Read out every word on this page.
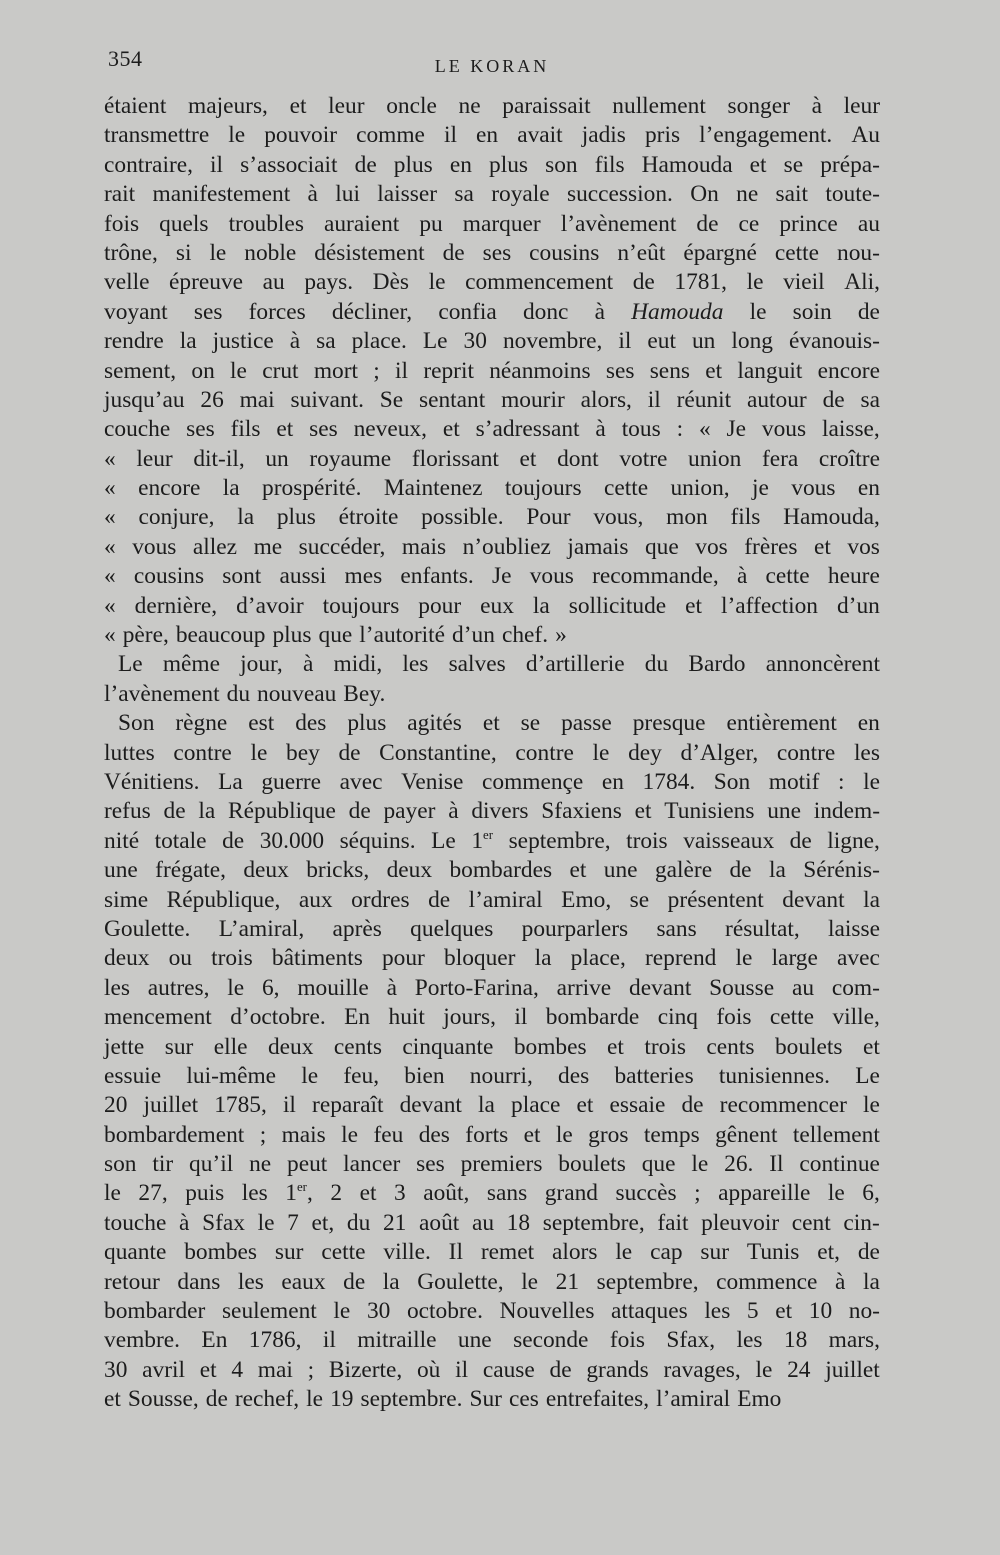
354	LE KORAN
étaient majeurs, et leur oncle ne paraissait nullement songer à leur
transmettre le pouvoir comme il en avait jadis pris l’engagement. Au
contraire, il s’associait de plus en plus son fils Hamouda et se prépa-
rait manifestement à lui laisser sa royale succession. On ne sait toute-
fois quels troubles auraient pu marquer l’avènement de ce prince au
trône, si le noble désistement de ses cousins n’eût épargné cette nou-
velle épreuve au pays. Dès le commencement de 1781, le vieil Ali,
voyant ses forces décliner, confia donc à Hamouda le soin de
rendre la justice à sa place. Le 30 novembre, il eut un long évanouis-
sement, on le crut mort ; il reprit néanmoins ses sens et languit encore
jusqu’au 26 mai suivant. Se sentant mourir alors, il réunit autour de sa
couche ses fils et ses neveux, et s’adressant à tous : « Je vous laisse,
« leur dit-il, un royaume florissant et dont votre union fera croître
« encore la prospérité. Maintenez toujours cette union, je vous en
« conjure, la plus étroite possible. Pour vous, mon fils Hamouda,
« vous allez me succéder, mais n’oubliez jamais que vos frères et vos
« cousins sont aussi mes enfants. Je vous recommande, à cette heure
« dernière, d’avoir toujours pour eux la sollicitude et l’affection d’un
« père, beaucoup plus que l’autorité d’un chef. »
Le même jour, à midi, les salves d’artillerie du Bardo annoncèrent
l’avènement du nouveau Bey.
Son règne est des plus agités et se passe presque entièrement en
luttes contre le bey de Constantine, contre le dey d’Alger, contre les
Vénitiens. La guerre avec Venise commençe en 1784. Son motif : le
refus de la République de payer à divers Sfaxiens et Tunisiens une indem-
nité totale de 30.000 séquins. Le 1er septembre, trois vaisseaux de ligne,
une frégate, deux bricks, deux bombardes et une galère de la Sérénis-
sime République, aux ordres de l’amiral Emo, se présentent devant la
Goulette. L’amiral, après quelques pourparlers sans résultat, laisse
deux ou trois bâtiments pour bloquer la place, reprend le large avec
les autres, le 6, mouille à Porto-Farina, arrive devant Sousse au com-
mencement d’octobre. En huit jours, il bombarde cinq fois cette ville,
jette sur elle deux cents cinquante bombes et trois cents boulets et
essuie lui-même le feu, bien nourri, des batteries tunisiennes. Le
20 juillet 1785, il reparaît devant la place et essaie de recommencer le
bombardement ; mais le feu des forts et le gros temps gênent tellement
son tir qu’il ne peut lancer ses premiers boulets que le 26. Il continue
le 27, puis les 1er, 2 et 3 août, sans grand succès ; appareille le 6,
touche à Sfax le 7 et, du 21 août au 18 septembre, fait pleuvoir cent cin-
quante bombes sur cette ville. Il remet alors le cap sur Tunis et, de
retour dans les eaux de la Goulette, le 21 septembre, commence à la
bombarder seulement le 30 octobre. Nouvelles attaques les 5 et 10 no-
vembre. En 1786, il mitraille une seconde fois Sfax, les 18 mars,
30 avril et 4 mai ; Bizerte, où il cause de grands ravages, le 24 juillet
et Sousse, de rechef, le 19 septembre. Sur ces entrefaites, l’amiral Emo
